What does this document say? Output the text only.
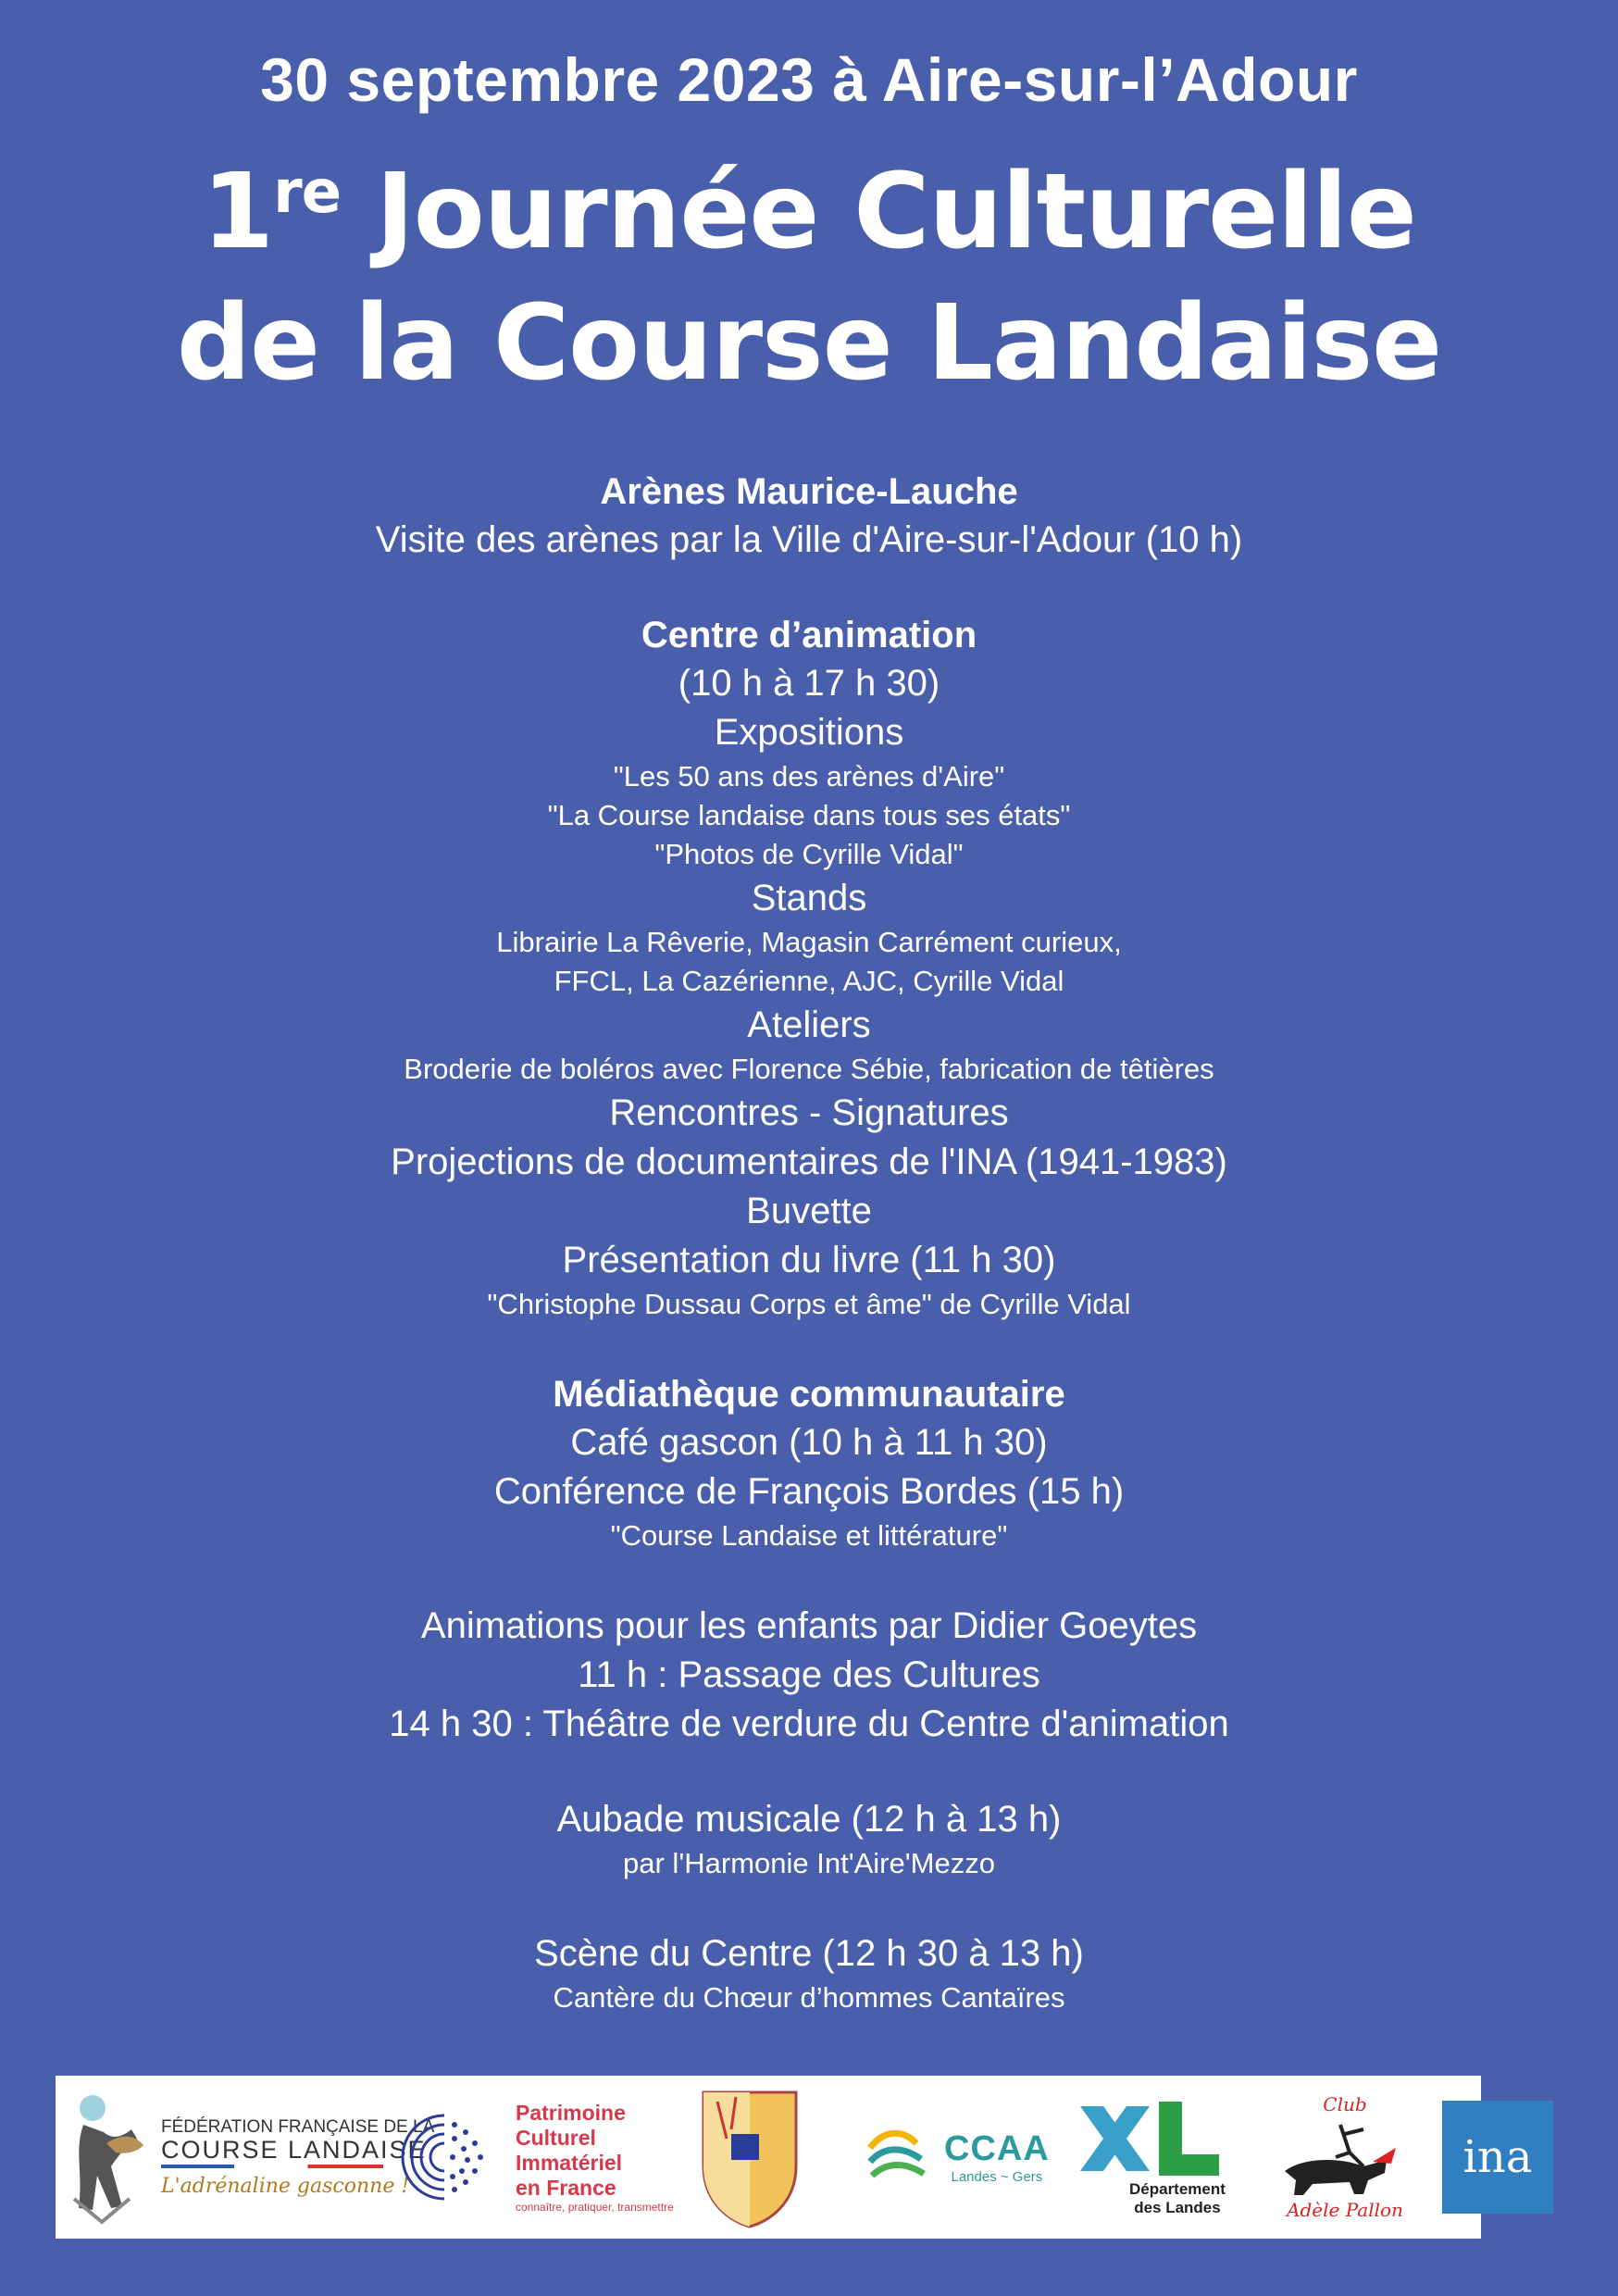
30 septembre 2023 à Aire-sur-l’Adour
1re Journée Culturelle
de la Course Landaise
Arènes Maurice-Lauche
Visite des arènes par la Ville d'Aire-sur-l'Adour (10 h)
Centre d’animation
(10 h à 17 h 30)
Expositions
"Les 50 ans des arènes d'Aire"
"La Course landaise dans tous ses états"
"Photos de Cyrille Vidal"
Stands
Librairie La Rêverie, Magasin Carrément curieux,
FFCL, La Cazérienne, AJC, Cyrille Vidal
Ateliers
Broderie de boléros avec Florence Sébie, fabrication de têtières
Rencontres - Signatures
Projections de documentaires de l'INA (1941-1983)
Buvette
Présentation du livre (11 h 30)
"Christophe Dussau Corps et âme" de Cyrille Vidal
Médiathèque communautaire
Café gascon (10 h à 11 h 30)
Conférence de François Bordes (15 h)
"Course Landaise et littérature"
Animations pour les enfants par Didier Goeytes
11 h : Passage des Cultures
14 h 30 : Théâtre de verdure du Centre d'animation
Aubade musicale (12 h à 13 h)
par l'Harmonie Int'Aire'Mezzo
Scène du Centre (12 h 30 à 13 h)
Cantère du Chœur d’hommes Cantaïres
FÉDÉRATION FRANÇAISE DE LA
COURSE LANDAISE
L'adrénaline gasconne !
Patrimoine
Culturel
Immatériel
en France
connaître, pratiquer, transmettre
CCAA
Landes ~ Gers
Département
des Landes
Club
Adèle Pallon
ina
